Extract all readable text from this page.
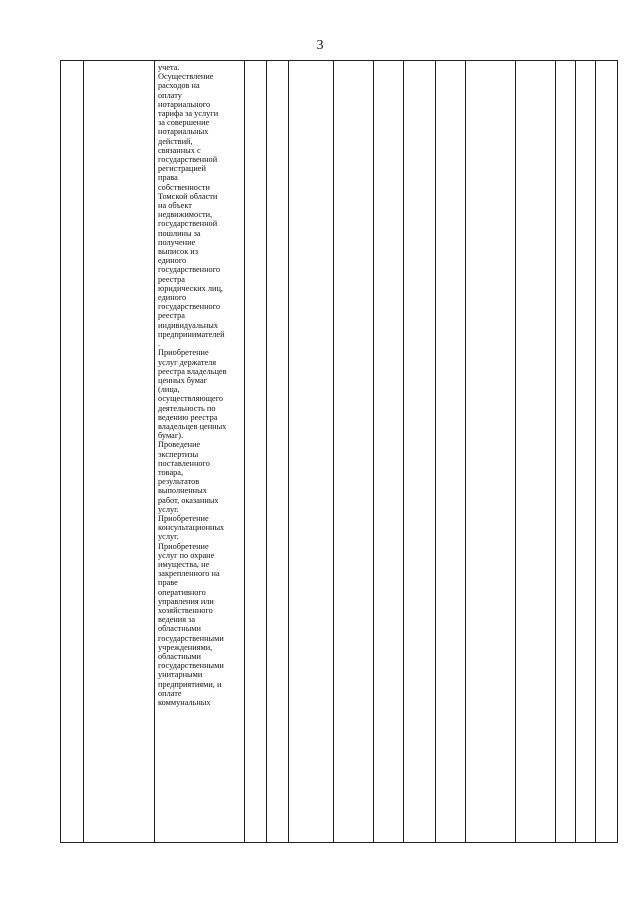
3

учета.
Осуществление
расходов на
оплату
нотариального
тарифа за услуги
за совершение
нотариальных
действий,
связанных с
государственной
регистрацией
права
собственности
Томской области
на объект
недвижимости,
государственной
пошлины за
получение
выписок из
единого
государственного
реестра
юридических лиц,
единого
государственного
реестра
индивидуальных
предпринимателей
.
Приобретение
услуг держателя
реестра владельцев
ценных бумаг
(лица,
осуществляющего
деятельность по
ведению реестра
владельцев ценных
бумаг).
Проведение
экспертизы
поставленного
товара,
результатов
выполненных
работ, оказанных
услуг.
Приобретение
консультационных
услуг.
Приобретение
услуг по охране
имущества, не
закрепленного на
праве
оперативного
управления или
хозяйственного
ведения за
областными
государственными
учреждениями,
областными
государственными
унитарными
предприятиями, и
оплате
коммунальных
